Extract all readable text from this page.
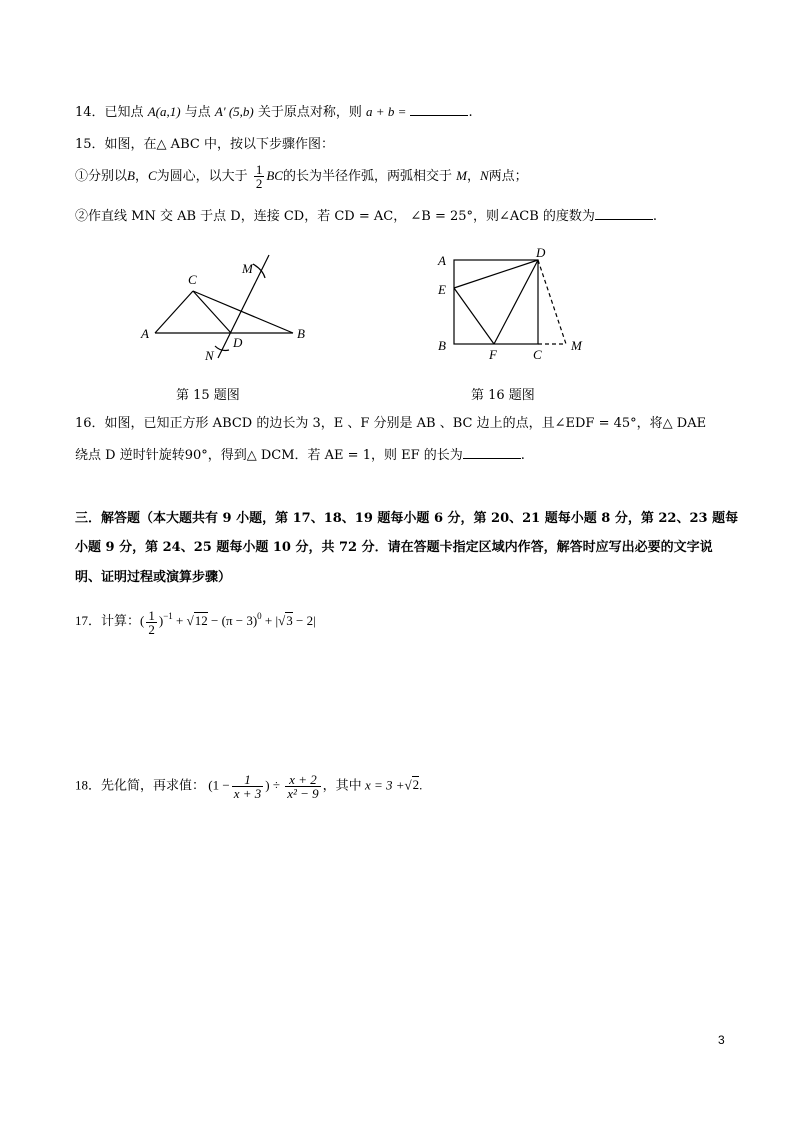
14．已知点 A(a,1) 与点 A' (5,b) 关于原点对称，则 a + b =	.
15．如图，在△ ABC 中，按以下步骤作图：
①分别以B，C为圆心，以大于 $\frac{1}{2}$ BC的长为半径作弧，两弧相交于 M，N两点；
②作直线 MN 交 AB 于点 D，连接 CD，若 CD = AC， ∠B = 25°，则∠ACB 的度数为	.
A	B
C
D
M
N
第 15 题图
A
B
C
D
E
F
M
第 16 题图
16．如图，已知正方形 ABCD 的边长为 3，E 、F 分别是 AB 、BC 边上的点，且∠EDF = 45°，将△ DAE
绕点 D 逆时针旋转90°，得到△ DCM．若 AE = 1，则 EF 的长为	.
三．解答题（本大题共有 9 小题，第 17、18、19 题每小题 6 分，第 20、21 题每小题 8 分，第 22、23 题每
小题 9 分，第 24、25 题每小题 10 分，共 72 分．请在答题卡指定区域内作答，解答时应写出必要的文字说
明、证明过程或演算步骤）
17．计算：( $\frac{1}{2} )^{-1} + √12 - (\pi - 3)^0 + |√3 - 2|$
18．先化简，再求值： ($1 - \frac{1}{x + 3}$ ) ÷ $\frac{x + 2}{\text{x² − 9}}$ ，其中 x = 3 +√2.
3
